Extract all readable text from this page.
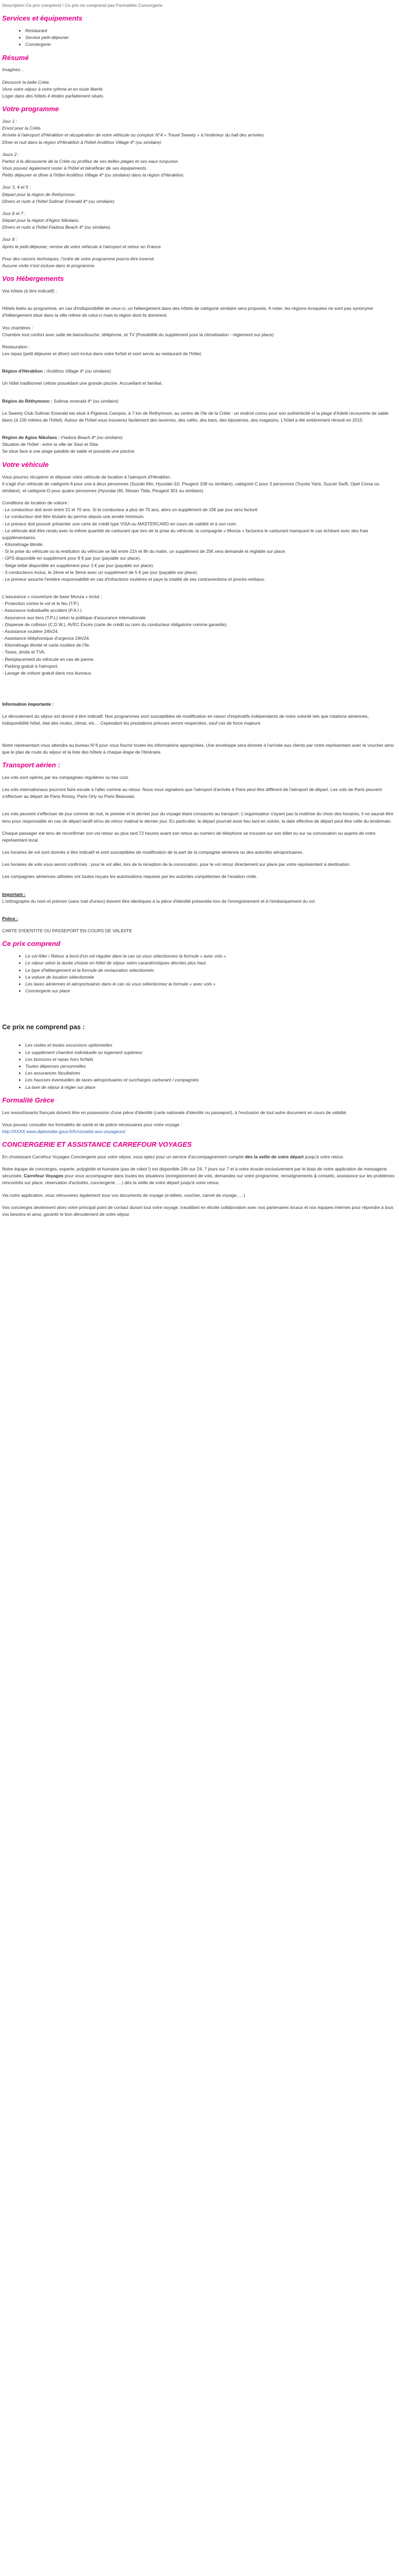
Description Ce prix comprend / Ce prix ne comprend pas Formalités Concergerie

Services et équipements
• Restaurant
• Service petit-déjeuner
• Conciergerie
Résumé

Imaginez…

Découvrir la belle Crète.

Vivre votre séjour à votre rythme et en toute liberté.

Loger dans des hôtels 4 étoiles parfaitement situés.

Votre programme

Jour 1 :

Envol pour la Crète.

Arrivée à l'aéroport d'Héraklion et récupération de votre véhicule ou comptoir N°4 « Travel Sweety » à l'extérieur du hall des arrivées.

Dîner et nuit dans la région d'Héraklion à l'hôtel Arolithos Village 4* (ou similaire)

Jours 2 :

Partez à la découverte de la Crète ou profitez de ses belles plages et ses eaux turquoise.

Vous pouvez également rester à l'hôtel et bénéficier de ses équipements.

Petits déjeuner et dîner à l'hôtel Arolithos Village 4* (ou similaire) dans la région d'Héraklion.

Jour 3, 4 et 5 :

Départ pour la région de Rethymnon.

Dîners et nuits à l'hôtel Solimar Emerald 4* (ou similaire).

Jour 6 et 7 :

Départ pour la région d'Agios Nikolaos.

Dîners et nuits à l'hôtel Fiadora Beach 4* (ou similaire).

Jour 8 :

Après le petit-déjeuner, remise de votre véhicule à l'aéroport et retour en France.

Pour des raisons techniques, l'ordre de votre programme pourra être inversé.

Aucune visite n'est incluse dans le programme.

Vos Hébergements

Vos hôtels (à titre indicatif) :

Hôtels listés au programme, en cas d'indisponibilité de ceux-ci, un hébergement dans des hôtels de catégorie similaire sera proposés. A noter, les régions évoquées ne sont pas synonyme d'hébergement situé dans la ville même de celui-ci mais la région dont ils dominent.

Vos chambres :

Chambre tout confort avec salle de bains/douche, téléphone, et TV (Possibilité du supplément pour la climatisation - règlement sur place)

Restauration :

Les repas (petit déjeuner et dîner) sont inclus dans votre forfait et sont servis au restaurant de l'hôtel.

Région d'Héraklion : Arolithos Village 4* (ou similaire)

Un hôtel traditionnel crétois possédant une grande piscine. Accueillant et familial.

Région de Réthymnon : Solimar emerald 4* (ou similaire)

Le Sweety Club Solimar Emerald est situé à Pigianos Campos, à 7 km de Rethymnon, au centre de l'île de la Crète : un endroit connu pour son authenticité et la plage d'Adelé recouverte de sable blanc (à 100 mètres de l'hôtel). Autour de l'hôtel vous trouverez facilement des tavernes, des cafés, des bars, des bijouteries, des magasins. L'hôtel a été entièrement rénové en 2015

Région de Agios Nikolaos : Fiadora Beach 4* (ou similaire)

Situation de l'hôtel : entre la ville de Sissi et Sitia

Se situe face à une plage paisible de sable et possède une piscine.

Votre véhicule

Vous pourrez récupérer et déposer votre véhicule de location à l'aéroport d'Héraklion.

Il s'agit d'un véhicule de catégorie A pour une à deux personnes (Suzuki Alto, Hyundai i10, Peugeot 108 ou similaire), catégorie C pour 3 personnes (Toyota Yaris, Suzuki Swift, Opel Corsa ou similaire), et catégorie D pour quatre personnes (Hyundai i30, Nissan Tiida, Peugeot 301 ou similaire).

Conditions de location de voiture :

- Le conducteur doit avoir entre 21 et 70 ans. Si le conducteur a plus de 70 ans, alors un supplément de 15€ par jour sera facturé

- Le conducteur doit être titulaire du permis depuis une année minimum.

- Le preneur doit pouvoir présenter une carte de crédit type VISA ou MASTERCARD en cours de validité et à son nom.

- Le véhicule doit être rendu avec la même quantité de carburant que lors de la prise du véhicule, la compagnie « Monza » facturera le carburant manquant le cas échéant avec des frais supplémentaires.

- Kilométrage illimité.

- Si la prise du véhicule ou la restitution du véhicule se fait entre 21h et 8h du matin, un supplément de 25€ sera demandé et réglable sur place.

- GPS disponible en supplément pour 8 € par jour (payable sur place).

- Siège bébé disponible en supplément pour 2 € par jour (payable sur place).

- 3 conducteurs inclus, le 2ème et le 3ème avec un supplément de 5 € par jour (payable sur place).

- Le preneur assume l'entière responsabilité en cas d'infractions routières et paye la totalité de ses contraventions et procès-verbaux.

L'assurance « couverture de base Monza » inclut :

- Protection contre le vol et le feu (T.P.)

- Assurance individuelle accident (P.A.I.)

- Assurance aux tiers (T.P.L) selon la politique d'assurance internationale

- Dispense de collision (C.D.W.), AVEC Excès (carte de crédit ou nom du conducteur obligatoire comme garantie).

- Assistance routière 24h/24.

- Assistance téléphonique d'urgence 24h/24.

- Kilométrage illimité et carte routière de l'île.

- Taxes, droits et TVA.

- Remplacement du véhicule en cas de panne.

- Parking gratuit à l'aéroport.

- Lavage de voiture gratuit dans nos bureaux.

Information importante :

Le déroulement du séjour est donné à titre indicatif. Nos programmes sont susceptibles de modification en raison d'impératifs indépendants de notre volonté tels que rotations aériennes, indisponibilité hôtel, état des routes, climat, etc… Cependant les prestations prévues seront respectées, sauf cas de force majeure.

Notre représentant vous attendra au bureau N°4 pour vous fournir toutes les informations appropriées. Une enveloppe sera donnée à l'arrivée aux clients par notre représentant avec le voucher ainsi que le plan de route du séjour et la liste des hôtels à chaque étape de l'itinéraire.

Transport aérien :

Les vols sont opérés par les compagnies régulières ou low cost.

Les vols internationaux pourront faire escale à l'aller comme au retour. Nous vous signalons que l'aéroport d'arrivée à Paris peut être différent de l'aéroport de départ. Les vols de Paris peuvent s'effectuer au départ de Paris Roissy, Paris Orly ou Paris Beauvais.

Les vols peuvent s'effectuer de jour comme de nuit, le premier et le dernier jour du voyage étant consacrés au transport. L'organisateur n'ayant pas la maîtrise du choix des horaires, il ne saurait être tenu pour responsable en cas de départ tardif et/ou de retour matinal le dernier jour. En particulier, le départ pourrait avoir lieu tard en soirée, la date effective de départ peut être celle du lendemain.

Chaque passager est tenu de reconfirmer son vol retour au plus tard 72 heures avant son retour au numéro de téléphone se trouvant sur son billet ou sur sa convocation ou auprès de notre représentant local.

Les horaires de vol sont donnés à titre indicatif et sont susceptibles de modification de la part de la compagnie aérienne ou des autorités aéroportuaires.

Les horaires de vols vous seront confirmés : pour le vol aller, lors de la réception de la convocation, pour le vol retour directement sur place par votre représentant à destination.

Les compagnies aériennes utilisées ont toutes reçues les autorisations requises par les autorités compétentes de l'aviation civile.

Important :

L'orthographe du nom et prénom (sans trait d'union) doivent être identiques à la pièce d'identité présentée lors de l'enregistrement et à l'embarquement du vol.

Police :

CARTE D'IDENTITE OU PASSEPORT EN COURS DE VALIDITE

Ce prix comprend
• Le vol Aller / Retour à bord d'un vol régulier dans le cas où vous sélectionnez la formule « avec vols »
• Le séjour selon la durée choisie en hôtel de séjour selon caractéristiques décrites plus haut
• Le type d'hébergement et la formule de restauration sélectionnés
• La voiture de location sélectionnée
• Les taxes aériennes et aéroportuaires dans le cas où vous sélectionnez la formule « avec vols »
• Conciergerie sur place
Ce prix ne comprend pas :
• Les visites et toutes excursions optionnelles
• Le supplément chambre individuelle ou logement supérieur
• Les boissons et repas hors forfaits
• Toutes dépenses personnelles
• Les assurances facultatives
• Les hausses éventuelles de taxes aéroportuaires et surcharges carburant / compagnies
• La taxe de séjour à régler sur place
Formalité Grèce

Les ressortissants français doivent être en possession d'une pièce d'identité (carte nationale d'identité ou passeport), à l'exclusion de tout autre document en cours de validité.

Vous pouvez consulter les formalités de santé et de police nécessaires pour votre voyage :

http://XXXX.www.diplomatie.gouv.fr/fr/conseils-aux-voyageurs/

CONCIERGERIE ET ASSISTANCE CARREFOUR VOYAGES

En choisissant Carrefour Voyages Conciergerie pour votre séjour, vous optez pour un service d'accompagnement complet dès la veille de votre départ jusqu'à votre retour.

Notre équipe de concierges, experte, polyglotte et humaine (pas de robot !) est disponible 24h sur 24, 7 jours sur 7 et à votre écoute exclusivement par le biais de notre application de messagerie sécurisée, Carrefour Voyages pour vous accompagner dans toutes les situations (enregistrement de vols, demandes sur votre programme, renseignements & conseils, assistance sur les problèmes rencontrés sur place, réservation d'activités, conciergerie, …) dès la veille de votre départ jusqu'à votre retour.

Via notre application, vous retrouverez également tous vos documents de voyage (e-billets, voucher, carnet de voyage, …)

Vos concierges deviennent alors votre principal point de contact durant tout votre voyage, travaillant en étroite collaboration avec nos partenaires locaux et nos équipes internes pour répondre à tous vos besoins et ainsi, garantir le bon déroulement de votre séjour.
